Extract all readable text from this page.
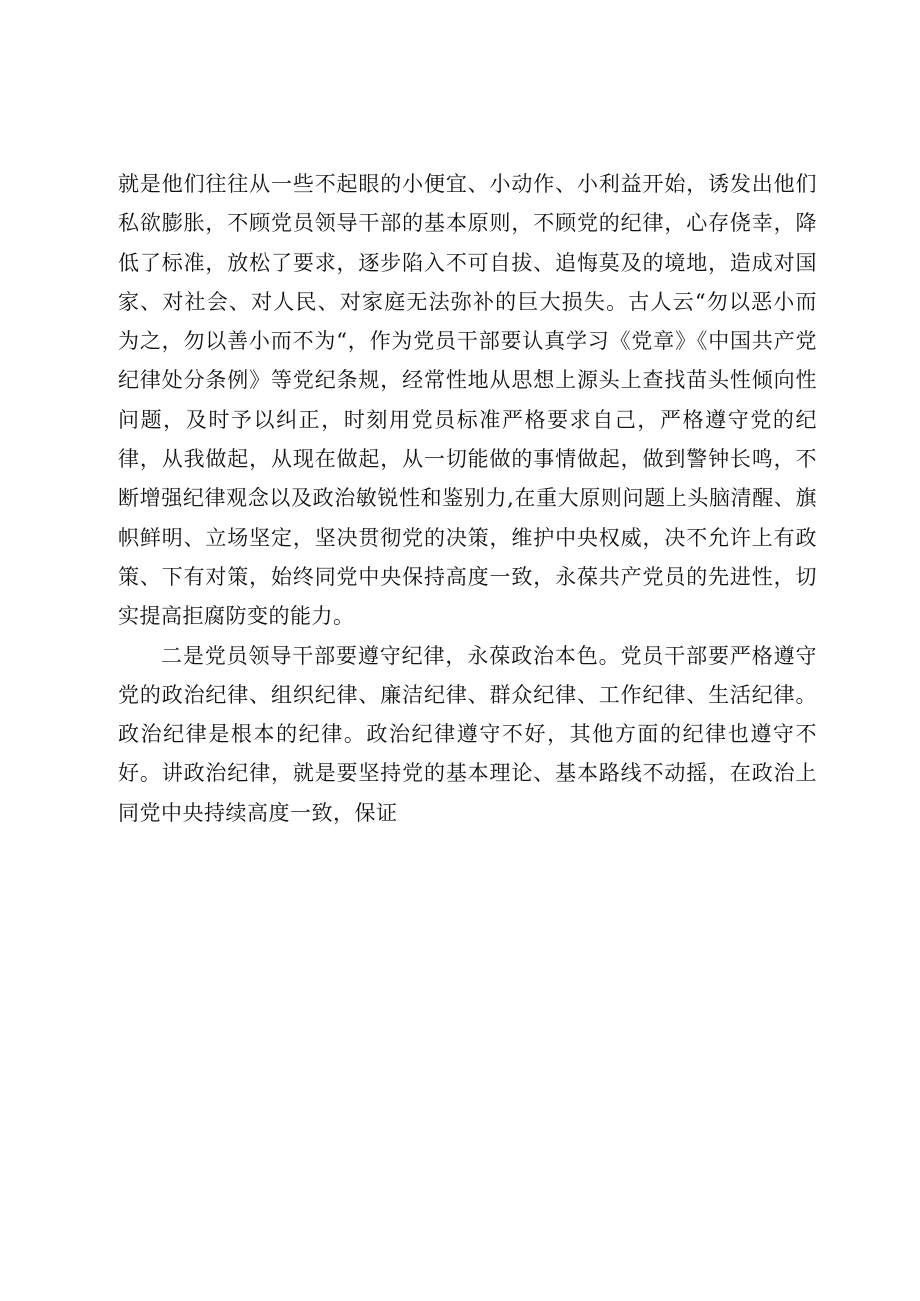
就是他们往往从一些不起眼的小便宜、小动作、小利益开始，诱发出他们私欲膨胀，不顾党员领导干部的基本原则，不顾党的纪律，心存侥幸，降低了标准，放松了要求，逐步陷入不可自拔、追悔莫及的境地，造成对国家、对社会、对人民、对家庭无法弥补的巨大损失。古人云“勿以恶小而为之，勿以善小而不为“，作为党员干部要认真学习《党章》《中国共产党纪律处分条例》等党纪条规，经常性地从思想上源头上查找苗头性倾向性问题，及时予以纠正，时刻用党员标准严格要求自己，严格遵守党的纪律，从我做起，从现在做起，从一切能做的事情做起，做到警钟长鸣，不断增强纪律观念以及政治敏锐性和鉴别力,在重大原则问题上头脑清醒、旗帜鲜明、立场坚定，坚决贯彻党的决策，维护中央权威，决不允许上有政策、下有对策，始终同党中央保持高度一致，永葆共产党员的先进性，切实提高拒腐防变的能力。

二是党员领导干部要遵守纪律，永葆政治本色。党员干部要严格遵守党的政治纪律、组织纪律、廉洁纪律、群众纪律、工作纪律、生活纪律。政治纪律是根本的纪律。政治纪律遵守不好，其他方面的纪律也遵守不好。讲政治纪律，就是要坚持党的基本理论、基本路线不动摇，在政治上同党中央持续高度一致，保证
